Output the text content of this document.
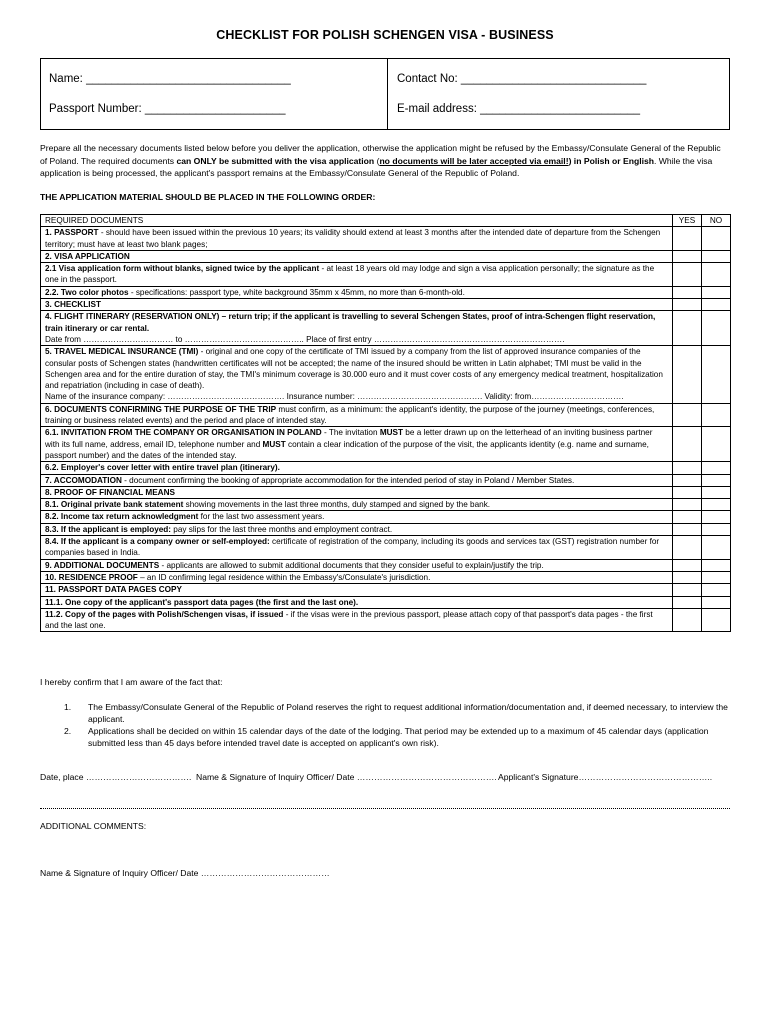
CHECKLIST FOR POLISH SCHENGEN VISA - BUSINESS
Name: ________________________________	Contact No: _____________________________
Passport Number: ______________________	E-mail address: _________________________
Prepare all the necessary documents listed below before you deliver the application, otherwise the application might be refused by the Embassy/Consulate General of the Republic of Poland. The required documents can ONLY be submitted with the visa application (no documents will be later accepted via email!) in Polish or English. While the visa application is being processed, the applicant's passport remains at the Embassy/Consulate General of the Republic of Poland.
THE APPLICATION MATERIAL SHOULD BE PLACED IN THE FOLLOWING ORDER:
REQUIRED DOCUMENTS	YES	NO
1. PASSPORT - should have been issued within the previous 10 years; its validity should extend at least 3 months after the intended date of departure from the Schengen territory; must have at least two blank pages;		
2. VISA APPLICATION		
2.1 Visa application form without blanks, signed twice by the applicant - at least 18 years old may lodge and sign a visa application personally; the signature as the one in the passport.		
2.2. Two color photos - specifications: passport type, white background 35mm x 45mm, no more than 6-month-old.		
3. CHECKLIST		

4. FLIGHT ITINERARY (RESERVATION ONLY) – return trip; if the applicant is travelling to several Schengen States, proof of intra-Schengen flight reservation, train itinerary or car rental.
Date from …………………………… to …………………………………….. Place of first entry …………………………………………………………….		

5. TRAVEL MEDICAL INSURANCE (TMI) - original and one copy of the certificate of TMI issued by a company from the list of approved insurance companies of the consular posts of Schengen states (handwritten certificates will not be accepted; the name of the insured should be written in Latin alphabet; TMI must be valid in the Schengen area and for the entire duration of stay, the TMI's minimum coverage is 30.000 euro and it must cover costs of any emergency medical treatment, hospitalization and repatriation (including in case of death).
Name of the insurance company: ……………………………………. Insurance number: ………………………………………. Validity: from…………………………….		

6. DOCUMENTS CONFIRMING THE PURPOSE OF THE TRIP must confirm, as a minimum: the applicant's identity, the purpose of the journey (meetings, conferences, training or business related events) and the period and place of intended stay.		
6.1. INVITATION FROM THE COMPANY OR ORGANISATION IN POLAND - The invitation MUST be a letter drawn up on the letterhead of an inviting business partner with its full name, address, email ID, telephone number and MUST contain a clear indication of the purpose of the visit, the applicants identity (e.g. name and surname, passport number) and the dates of the intended stay.		
6.2. Employer's cover letter with entire travel plan (itinerary).		
7. ACCOMODATION - document confirming the booking of appropriate accommodation for the intended period of stay in Poland / Member States.		
8. PROOF OF FINANCIAL MEANS		
8.1. Original private bank statement showing movements in the last three months, duly stamped and signed by the bank.		
8.2. Income tax return acknowledgment for the last two assessment years.		
8.3. If the applicant is employed: pay slips for the last three months and employment contract.		
8.4. If the applicant is a company owner or self-employed: certificate of registration of the company, including its goods and services tax (GST) registration number for companies based in India.		
9. ADDITIONAL DOCUMENTS - applicants are allowed to submit additional documents that they consider useful to explain/justify the trip.		
10. RESIDENCE PROOF – an ID confirming legal residence within the Embassy's/Consulate's jurisdiction.		
11. PASSPORT DATA PAGES COPY		
11.1. One copy of the applicant's passport data pages (the first and the last one).		
11.2. Copy of the pages with Polish/Schengen visas, if issued - if the visas were in the previous passport, please attach copy of that passport's data pages - the first and the last one.		
I hereby confirm that I am aware of the fact that:
1. The Embassy/Consulate General of the Republic of Poland reserves the right to request additional information/documentation and, if deemed necessary, to interview the applicant.
2. Applications shall be decided on within 15 calendar days of the date of the lodging. That period may be extended up to a maximum of 45 calendar days (application submitted less than 45 days before intended travel date is accepted on applicant's own risk).
Date, place ………………………………. Name & Signature of Inquiry Officer/ Date …………………………………………. Applicant's Signature………………………………………..
ADDITIONAL COMMENTS:
Name & Signature of Inquiry Officer/ Date ………………………………………
